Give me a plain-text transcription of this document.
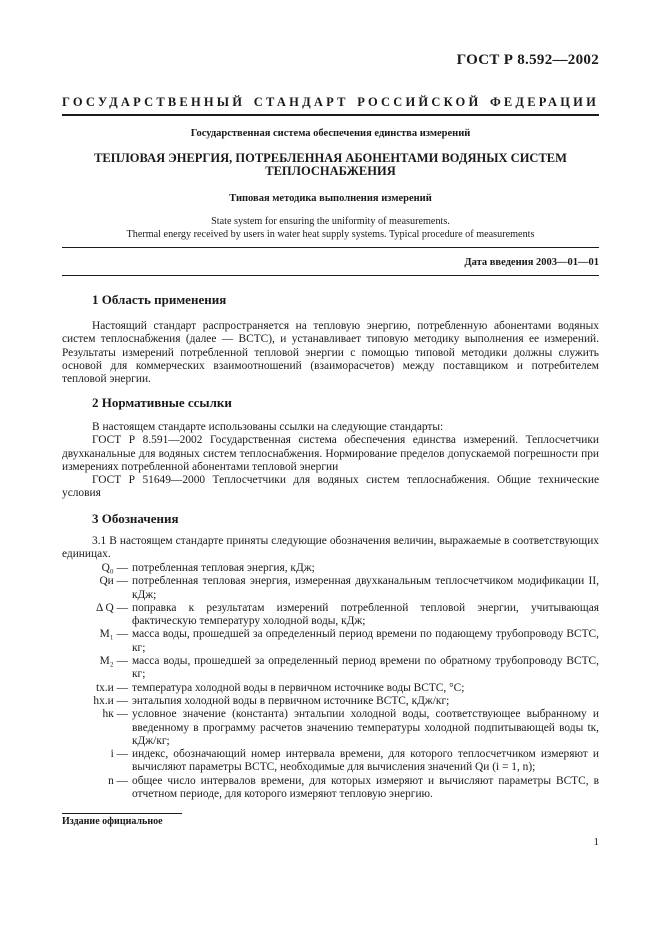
ГОСТ Р 8.592—2002
ГОСУДАРСТВЕННЫЙ СТАНДАРТ РОССИЙСКОЙ ФЕДЕРАЦИИ
Государственная система обеспечения единства измерений
ТЕПЛОВАЯ ЭНЕРГИЯ, ПОТРЕБЛЕННАЯ АБОНЕНТАМИ ВОДЯНЫХ СИСТЕМ ТЕПЛОСНАБЖЕНИЯ
Типовая методика выполнения измерений
State system for ensuring the uniformity of measurements.
Thermal energy received by users in water heat supply systems. Typical procedure of measurements
Дата введения 2003—01—01
1 Область применения

Настоящий стандарт распространяется на тепловую энергию, потребленную абонентами водяных систем теплоснабжения (далее — ВСТС), и устанавливает типовую методику выполнения ее измерений. Результаты измерений потребленной тепловой энергии с помощью типовой методики должны служить основой для коммерческих взаимоотношений (взаиморасчетов) между поставщиком и потребителем тепловой энергии.

2 Нормативные ссылки

В настоящем стандарте использованы ссылки на следующие стандарты:

ГОСТ Р 8.591—2002 Государственная система обеспечения единства измерений. Теплосчетчики двухканальные для водяных систем теплоснабжения. Нормирование пределов допускаемой погрешности при измерениях потребленной абонентами тепловой энергии

ГОСТ Р 51649—2000 Теплосчетчики для водяных систем теплоснабжения. Общие технические условия

3 Обозначения

3.1 В настоящем стандарте приняты следующие обозначения величин, выражаемые в соответствующих единицах.

Q₀ — потребленная тепловая энергия, кДж;
Qи — потребленная тепловая энергия, измеренная двухканальным теплосчетчиком модификации II, кДж;
Δ Q — поправка к результатам измерений потребленной тепловой энергии, учитывающая фактическую температуру холодной воды, кДж;
M₁ — масса воды, прошедшей за определенный период времени по подающему трубопроводу ВСТС, кг;
M₂ — масса воды, прошедшей за определенный период времени по обратному трубопроводу ВСТС, кг;
tх.и — температура холодной воды в первичном источнике воды ВСТС, °С;
hх.и — энтальпия холодной воды в первичном источнике ВСТС, кДж/кг;
hк — условное значение (константа) энтальпии холодной воды, соответствующее выбранному и введенному в программу расчетов значению температуры холодной подпитывающей воды tк, кДж/кг;
i — индекс, обозначающий номер интервала времени, для которого теплосчетчиком измеряют и вычисляют параметры ВСТС, необходимые для вычисления значений Qи (i = 1, n);
n — общее число интервалов времени, для которых измеряют и вычисляют параметры ВСТС, в отчетном периоде, для которого измеряют тепловую энергию.
Издание официальное
1
